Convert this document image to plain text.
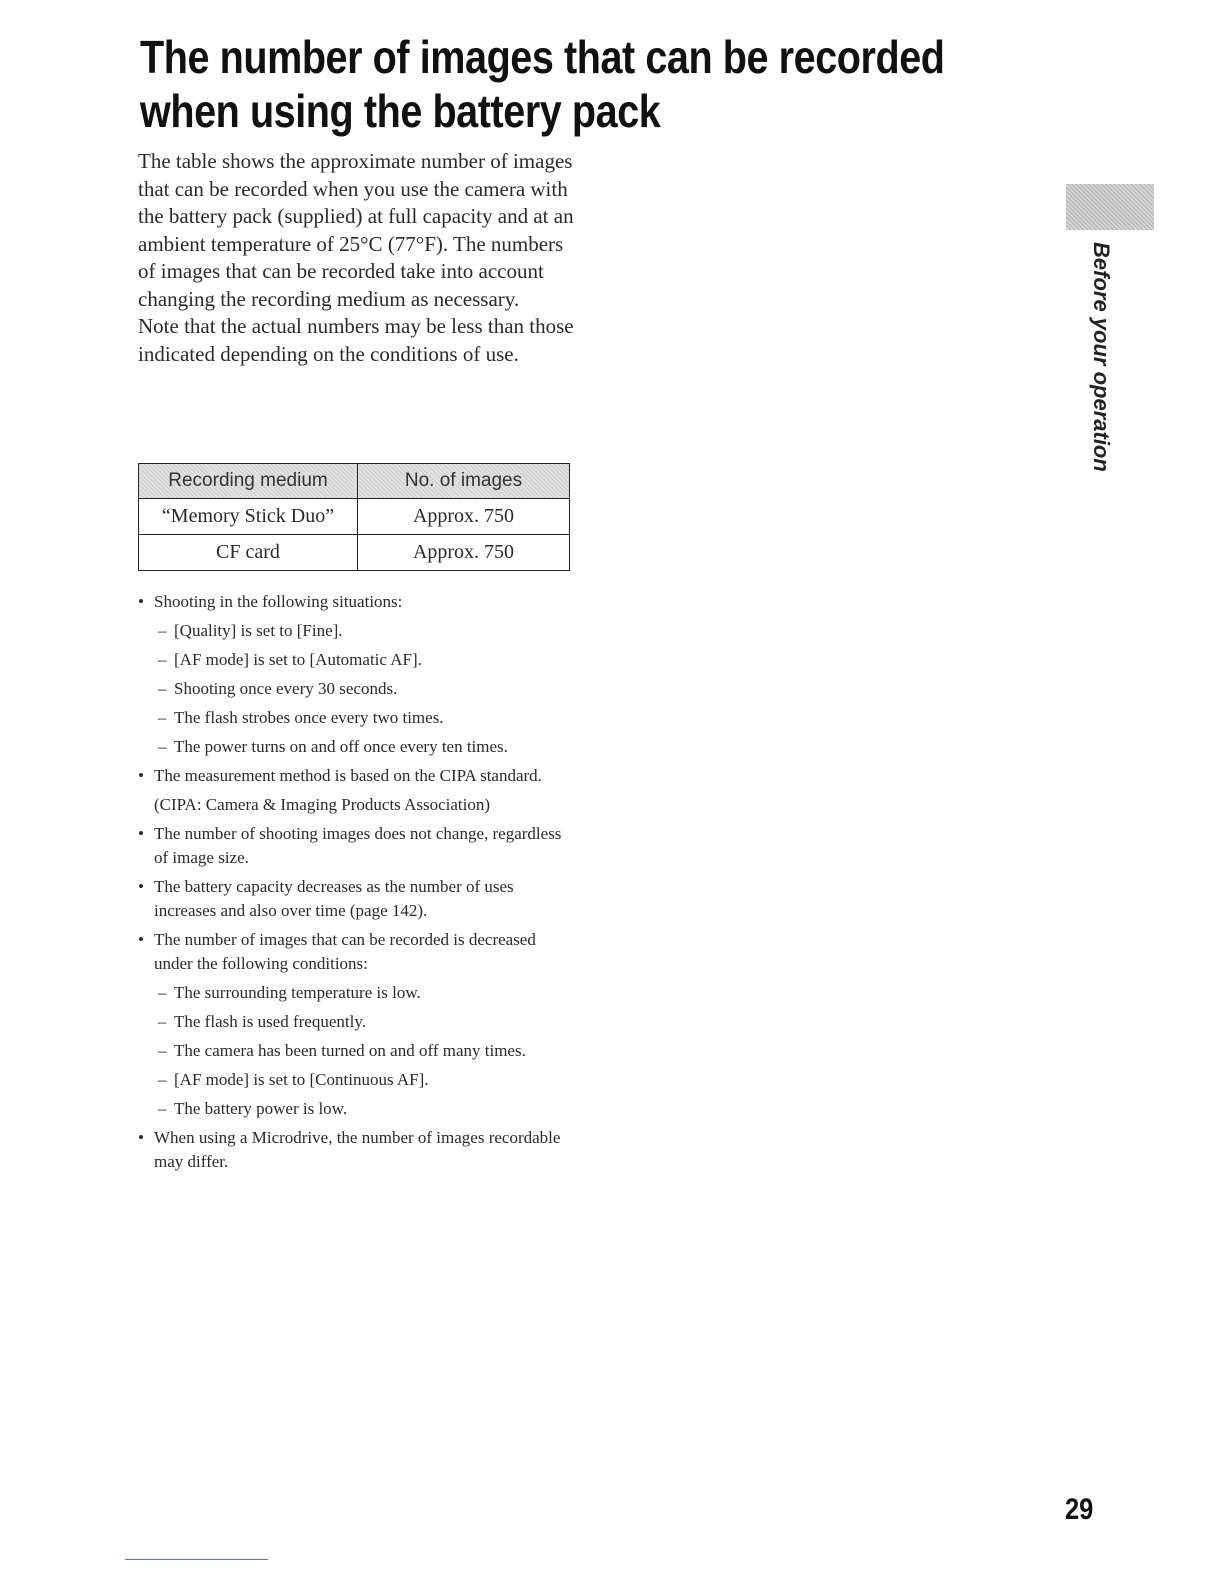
The number of images that can be recorded
when using the battery pack

The table shows the approximate number of images that can be recorded when you use the camera with the battery pack (supplied) at full capacity and at an ambient temperature of 25°C (77°F). The numbers of images that can be recorded take into account changing the recording medium as necessary.

Note that the actual numbers may be less than those indicated depending on the conditions of use.

Recording medium	No. of images
“Memory Stick Duo”	Approx. 750
CF card	Approx. 750
• Shooting in the following situations:
– [Quality] is set to [Fine].
– [AF mode] is set to [Automatic AF].
– Shooting once every 30 seconds.
– The flash strobes once every two times.
– The power turns on and off once every ten times.
• The measurement method is based on the CIPA standard.
(CIPA: Camera & Imaging Products Association)
• The number of shooting images does not change, regardless of image size.
• The battery capacity decreases as the number of uses increases and also over time (page 142).
• The number of images that can be recorded is decreased under the following conditions:
– The surrounding temperature is low.
– The flash is used frequently.
– The camera has been turned on and off many times.
– [AF mode] is set to [Continuous AF].
– The battery power is low.
• When using a Microdrive, the number of images recordable may differ.
Before your operation
29
